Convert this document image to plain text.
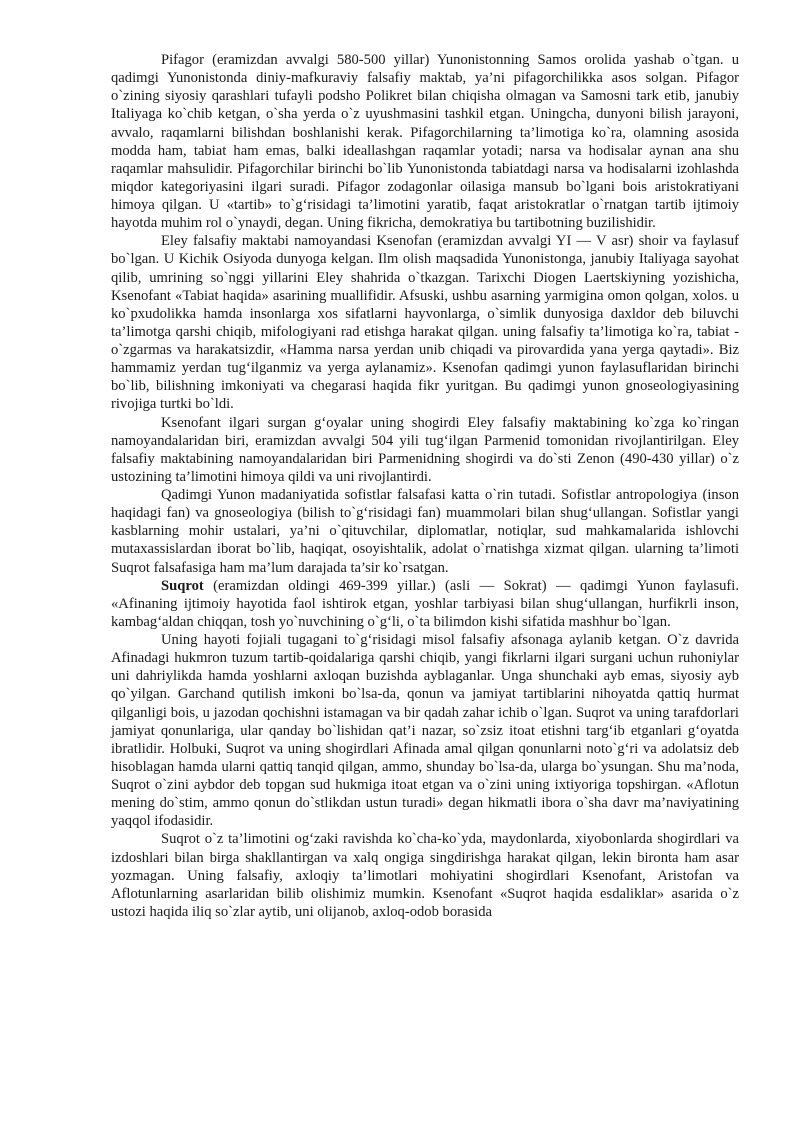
Pifagor (eramizdan avvalgi 580-500 yillar) Yunonistonning Samos orolida yashab o`tgan. u qadimgi Yunonistonda diniy-mafkuraviy falsafiy maktab, ya’ni pifagorchilikka asos solgan. Pifagor o`zining siyosiy qarashlari tufayli podsho Polikret bilan chiqisha olmagan va Samosni tark etib, janubiy Italiyaga ko`chib ketgan, o`sha yerda o`z uyushmasini tashkil etgan. Uningcha, dunyoni bilish jarayoni, avvalo, raqamlarni bilishdan boshlanishi kerak. Pifagorchilarning ta’limotiga ko`ra, olamning asosida modda ham, tabiat ham emas, balki ideallashgan raqamlar yotadi; narsa va hodisalar aynan ana shu raqamlar mahsulidir. Pifagorchilar birinchi bo`lib Yunonistonda tabiatdagi narsa va hodisalarni izohlashda miqdor kategoriyasini ilgari suradi. Pifagor zodagonlar oilasiga mansub bo`lgani bois aristokratiyani himoya qilgan. U «tartib» to`g‘risidagi ta’limotini yaratib, faqat aristokratlar o`rnatgan tartib ijtimoiy hayotda muhim rol o`ynaydi, degan. Uning fikricha, demokratiya bu tartibotning buzilishidir.

Eley falsafiy maktabi namoyandasi Ksenofan (eramizdan avvalgi YI — V asr) shoir va faylasuf bo`lgan. U Kichik Osiyoda dunyoga kelgan. Ilm olish maqsadida Yunonistonga, janubiy Italiyaga sayohat qilib, umrining so`nggi yillarini Eley shahrida o`tkazgan. Tarixchi Diogen Laertskiyning yozishicha, Ksenofant «Tabiat haqida» asarining muallifidir. Afsuski, ushbu asarning yarmigina omon qolgan, xolos. u ko`pxudolikka hamda insonlarga xos sifatlarni hayvonlarga, o`simlik dunyosiga daxldor deb biluvchi ta’limotga qarshi chiqib, mifologiyani rad etishga harakat qilgan. uning falsafiy ta’limotiga ko`ra, tabiat - o`zgarmas va harakatsizdir, «Hamma narsa yerdan unib chiqadi va pirovardida yana yerga qaytadi». Biz hammamiz yerdan tug‘ilganmiz va yerga aylanamiz». Ksenofan qadimgi yunon faylasuflaridan birinchi bo`lib, bilishning imkoniyati va chegarasi haqida fikr yuritgan. Bu qadimgi yunon gnoseologiyasining rivojiga turtki bo`ldi.

Ksenofant ilgari surgan g‘oyalar uning shogirdi Eley falsafiy maktabining ko`zga ko`ringan namoyandalaridan biri, eramizdan avvalgi 504 yili tug‘ilgan Parmenid tomonidan rivojlantirilgan. Eley falsafiy maktabining namoyandalaridan biri Parmenidning shogirdi va do`sti Zenon (490-430 yillar) o`z ustozining ta’limotini himoya qildi va uni rivojlantirdi.

Qadimgi Yunon madaniyatida sofistlar falsafasi katta o`rin tutadi. Sofistlar antropologiya (inson haqidagi fan) va gnoseologiya (bilish to`g‘risidagi fan) muammolari bilan shug‘ullangan. Sofistlar yangi kasblarning mohir ustalari, ya’ni o`qituvchilar, diplomatlar, notiqlar, sud mahkamalarida ishlovchi mutaxassislardan iborat bo`lib, haqiqat, osoyishtalik, adolat o`rnatishga xizmat qilgan. ularning ta’limoti Suqrot falsafasiga ham ma’lum darajada ta’sir ko`rsatgan.

Suqrot (eramizdan oldingi 469-399 yillar.) (asli — Sokrat) — qadimgi Yunon faylasufi. «Afinaning ijtimoiy hayotida faol ishtirok etgan, yoshlar tarbiyasi bilan shug‘ullangan, hurfikrli inson, kambag‘aldan chiqqan, tosh yo`nuvchining o`g‘li, o`ta bilimdon kishi sifatida mashhur bo`lgan.

Uning hayoti fojiali tugagani to`g‘risidagi misol falsafiy afsonaga aylanib ketgan. O`z davrida Afinadagi hukmron tuzum tartib-qoidalariga qarshi chiqib, yangi fikrlarni ilgari surgani uchun ruhoniylar uni dahriylikda hamda yoshlarni axloqan buzishda ayblaganlar. Unga shunchaki ayb emas, siyosiy ayb qo`yilgan. Garchand qutilish imkoni bo`lsa-da, qonun va jamiyat tartiblarini nihoyatda qattiq hurmat qilganligi bois, u jazodan qochishni istamagan va bir qadah zahar ichib o`lgan. Suqrot va uning tarafdorlari jamiyat qonunlariga, ular qanday bo`lishidan qat’i nazar, so`zsiz itoat etishni targ‘ib etganlari g‘oyatda ibratlidir. Holbuki, Suqrot va uning shogirdlari Afinada amal qilgan qonunlarni noto`g‘ri va adolatsiz deb hisoblagan hamda ularni qattiq tanqid qilgan, ammo, shunday bo`lsa-da, ularga bo`ysungan. Shu ma’noda, Suqrot o`zini aybdor deb topgan sud hukmiga itoat etgan va o`zini uning ixtiyoriga topshirgan. «Aflotun mening do`stim, ammo qonun do`stlikdan ustun turadi» degan hikmatli ibora o`sha davr ma’naviyatining yaqqol ifodasidir.

Suqrot o`z ta’limotini og‘zaki ravishda ko`cha-ko`yda, maydonlarda, xiyobonlarda shogirdlari va izdoshlari bilan birga shakllantirgan va xalq ongiga singdirishga harakat qilgan, lekin bironta ham asar yozmagan. Uning falsafiy, axloqiy ta’limotlari mohiyatini shogirdlari Ksenofant, Aristofan va Aflotunlarning asarlaridan bilib olishimiz mumkin. Ksenofant «Suqrot haqida esdaliklar» asarida o`z ustozi haqida iliq so`zlar aytib, uni olijanob, axloq-odob borasida
